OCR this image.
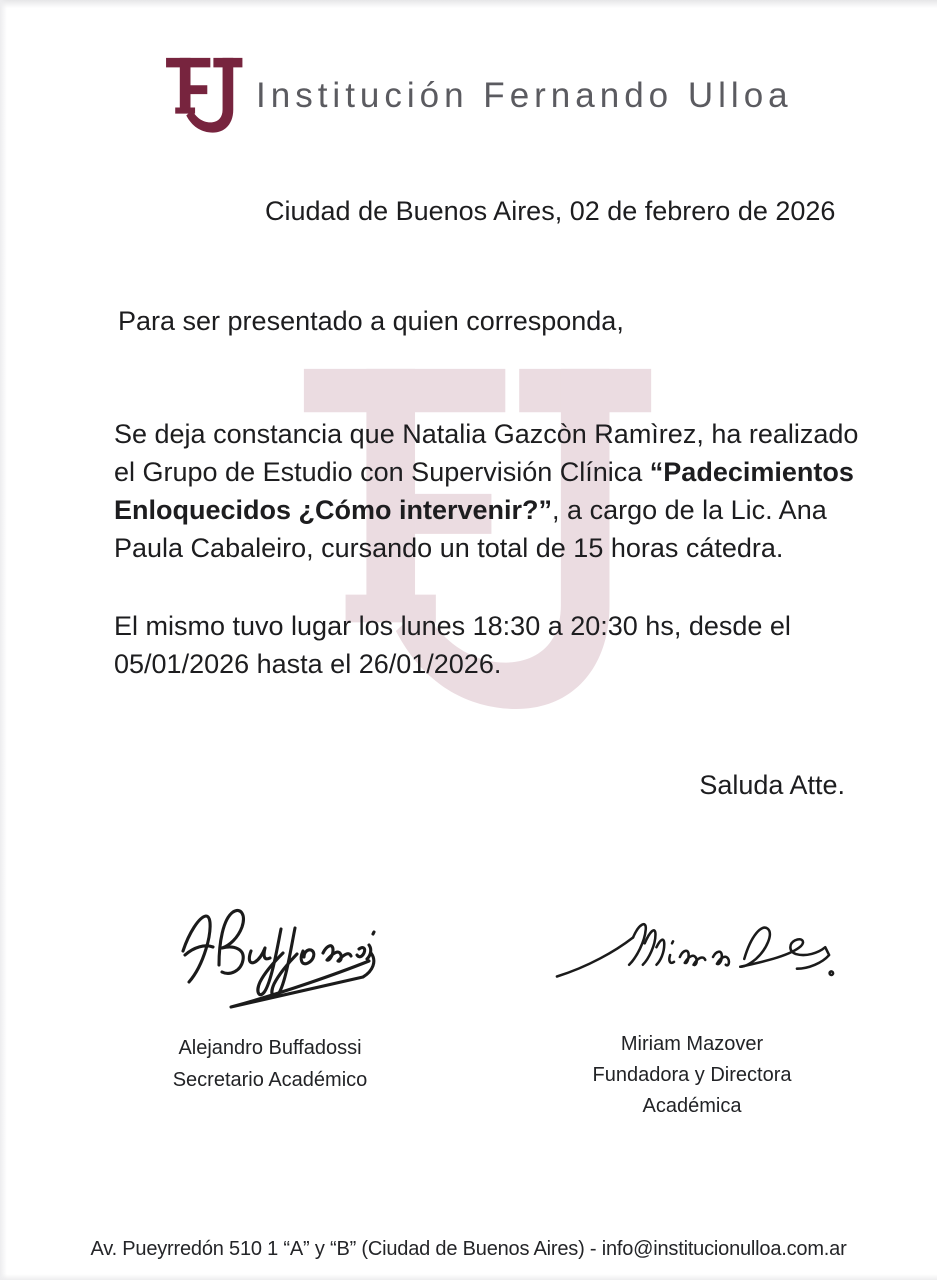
Institución Fernando Ulloa
Ciudad de Buenos Aires, 02 de febrero de 2026
Para ser presentado a quien corresponda,

Se deja constancia que Natalia Gazcòn Ramìrez, ha realizado el Grupo de Estudio con Supervisión Clínica “Padecimientos Enloquecidos ¿Cómo intervenir?”, a cargo de la Lic. Ana Paula Cabaleiro, cursando un total de 15 horas cátedra.

El mismo tuvo lugar los lunes 18:30 a 20:30 hs, desde el 05/01/2026 hasta el 26/01/2026.

Saluda Atte.
Alejandro Buffadossi
Secretario Académico
Miriam Mazover
Fundadora y Directora Académica
Av. Pueyrredón 510 1 “A” y “B” (Ciudad de Buenos Aires) - info@institucionulloa.com.ar
